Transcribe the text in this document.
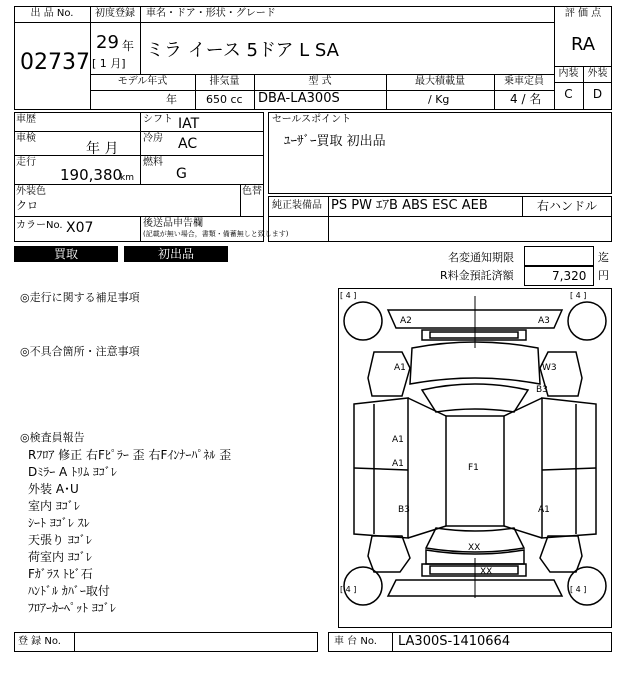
出 品 No.
02737
初度登録
29 年
[ 1 月]
車名・ドア・形状・グレード
ミラ イース 5ドア L SA
評 価 点
RA
内装 外装
C	D
モデル年式	排気量	型 式	最大積載量	乗車定員
年	650 cc DBA-LA300S	/ Kg	4 / 名
車歴	シフト IAT
車検
年 月
冷房 AC
走行
190,380
km
燃料
G
外装色
クロ
色替
カラーNo. X07	後送品申告欄
(記載が無い場合，書類・備蓄無しと致します)
セールスポイント
ﾕｰｻﾞｰ買取 初出品
純正装備品 PS PW ｴｱB ABS ESC AEB	右ハンドル
買取	初出品	名変通知期限	迄
R料金預託済額	7,320 円
◎走行に関する補足事項
◎不具合箇所・注意事項
◎検査員報告
Rﾌﾛｱ 修正 右Fﾋﾟﾗｰ 歪 右Fｲﾝﾅｰﾊﾟﾈﾙ 歪
Dﾐﾗｰ A ﾄﾘﾑ ﾖｺﾞﾚ
外装 A･U
室内 ﾖｺﾞﾚ
ｼｰﾄ ﾖｺﾞﾚ ｽﾚ
天張り ﾖｺﾞﾚ
荷室内 ﾖｺﾞﾚ
Fｶﾞﾗｽ ﾄﾋﾞ石
ﾊﾝﾄﾞﾙ ｶﾊﾞｰ取付
ﾌﾛｱｰｶｰﾍﾟｯﾄ ﾖｺﾞﾚ
[ 4 ]	[ 4 ]
[ 4 ]	[ 4 ]
A2	A3
A1	W3
B3
A1
A1	F1
B3	A1
XX
XX
登 録 No.	車 台 No. LA300S-1410664
